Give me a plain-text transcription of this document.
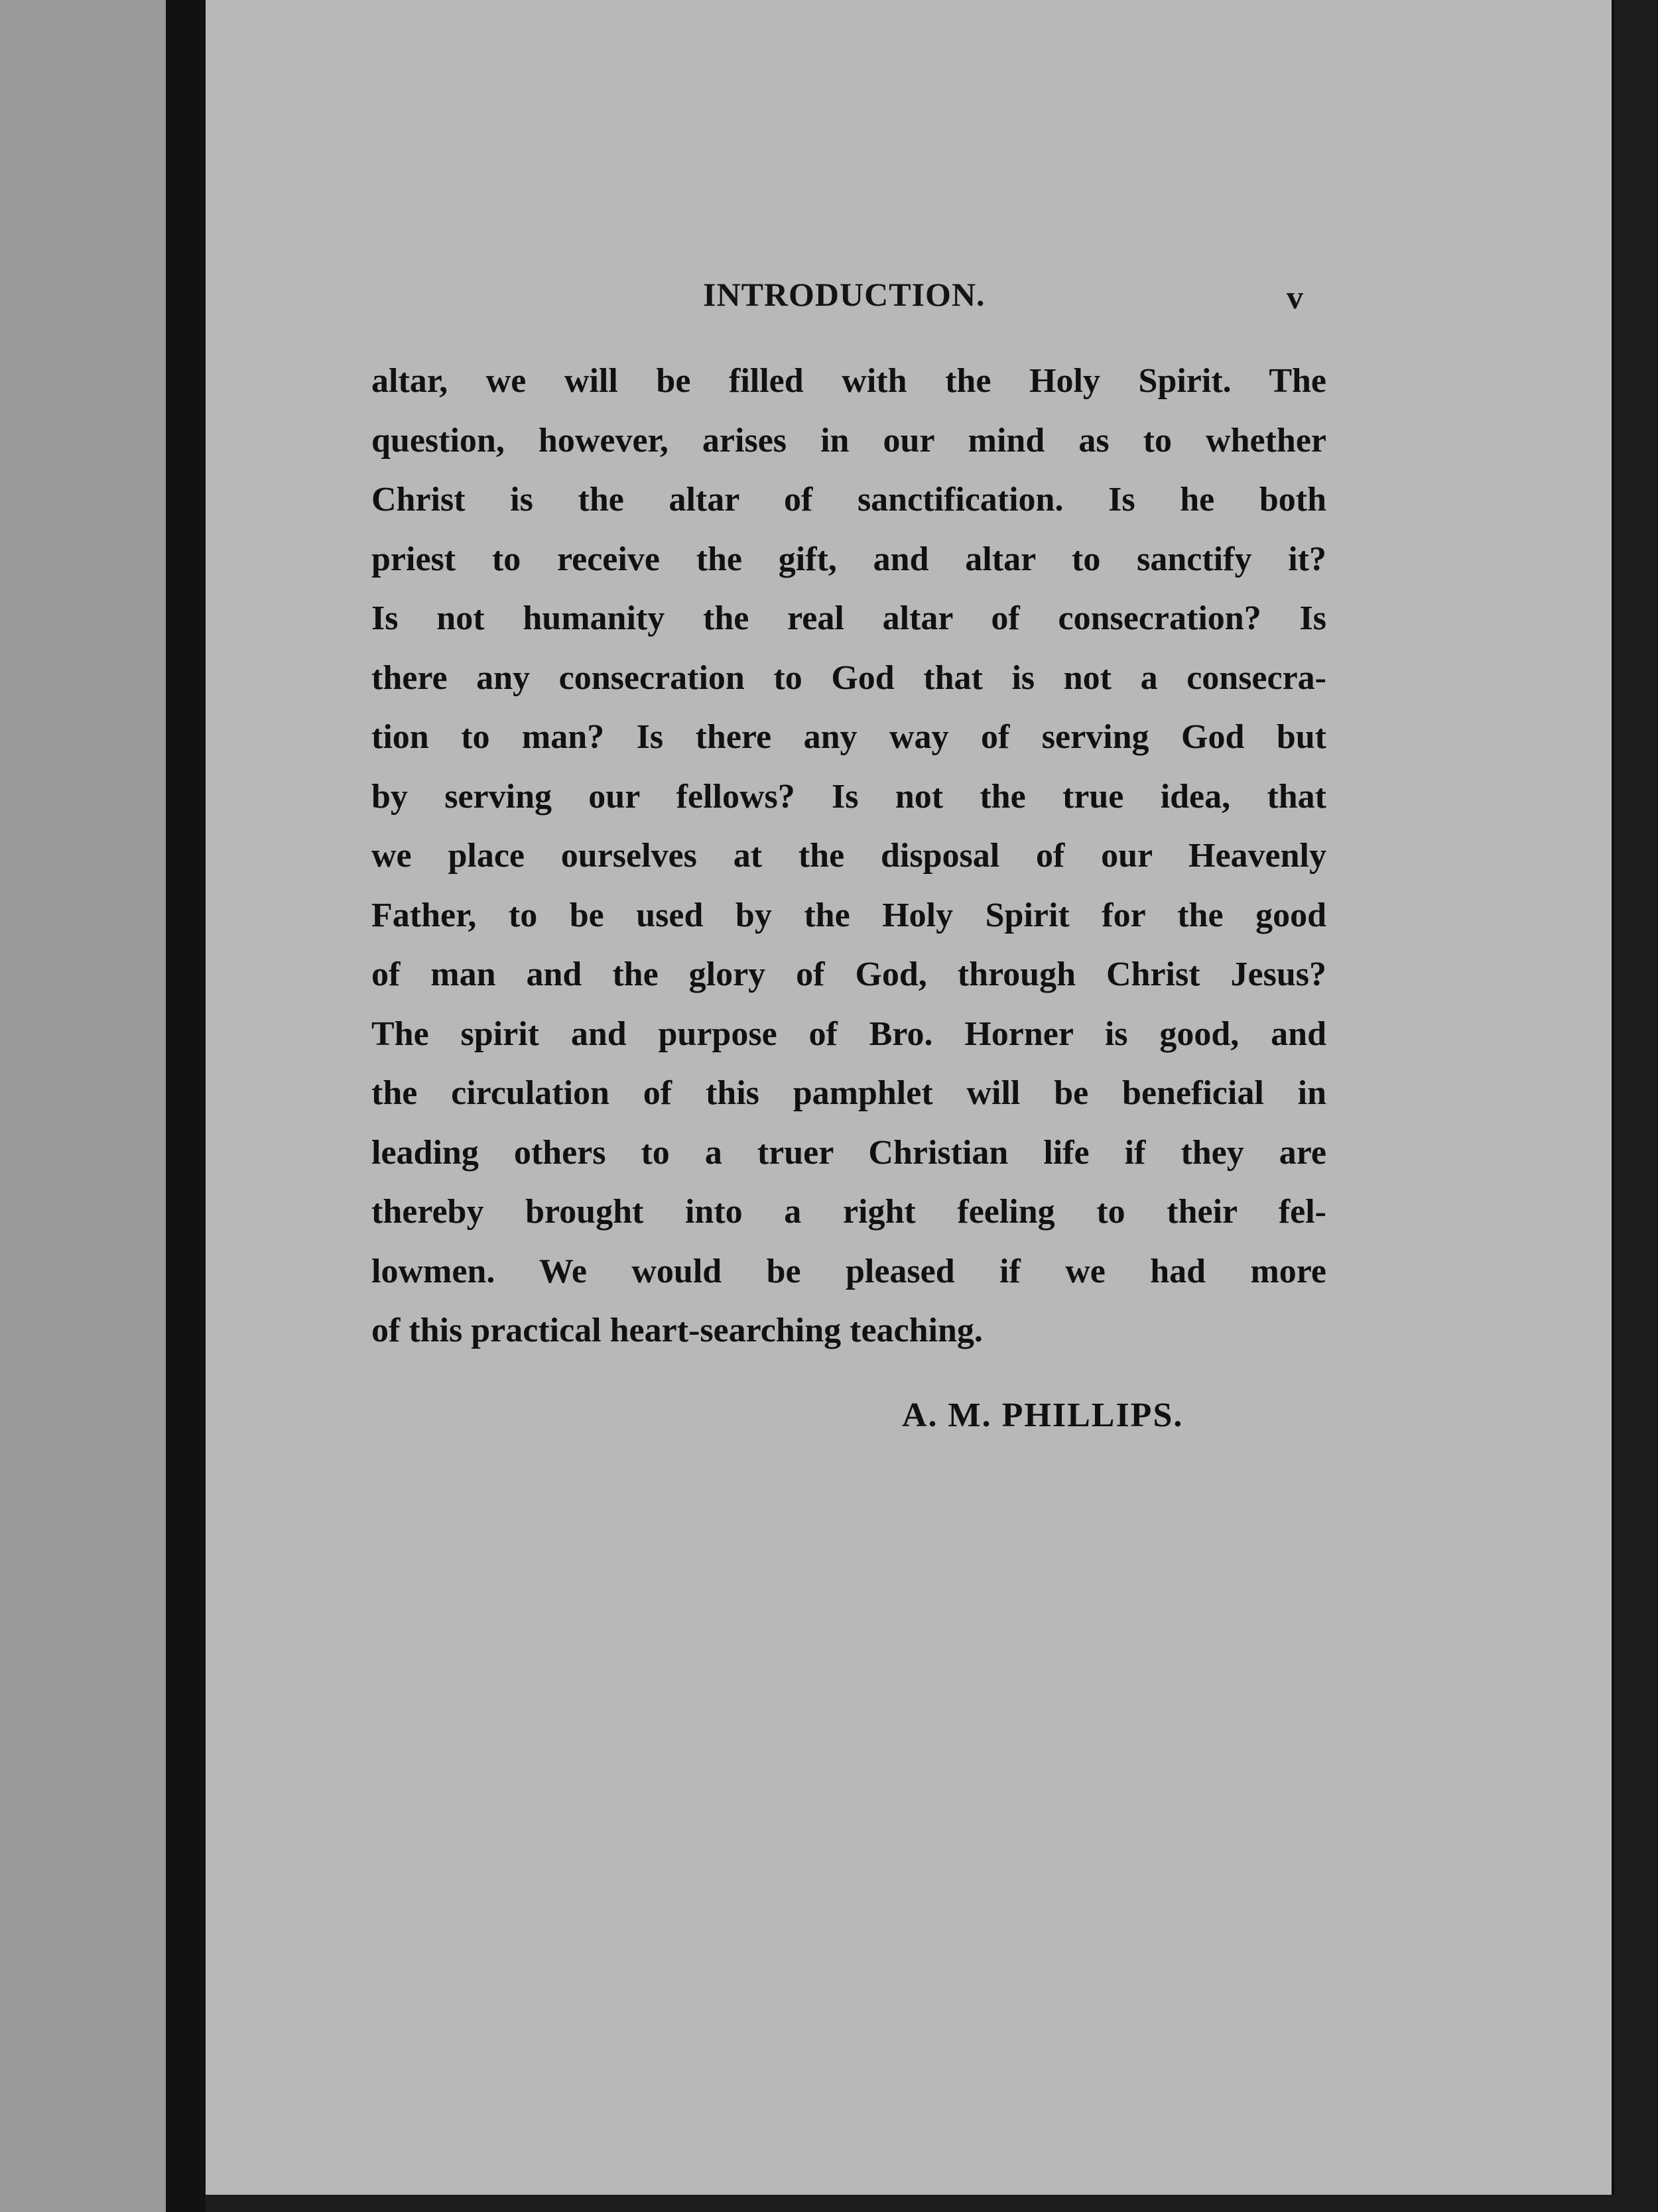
INTRODUCTION.	v
altar, we will be filled with the Holy Spirit. The
question, however, arises in our mind as to whether
Christ is the altar of sanctification. Is he both
priest to receive the gift, and altar to sanctify it?
Is not humanity the real altar of consecration? Is
there any consecration to God that is not a consecra-
tion to man? Is there any way of serving God but
by serving our fellows? Is not the true idea, that
we place ourselves at the disposal of our Heavenly
Father, to be used by the Holy Spirit for the good
of man and the glory of God, through Christ Jesus?
The spirit and purpose of Bro. Horner is good, and
the circulation of this pamphlet will be beneficial in
leading others to a truer Christian life if they are
thereby brought into a right feeling to their fel-
lowmen. We would be pleased if we had more
of this practical heart-searching teaching.
A. M. PHILLIPS.
